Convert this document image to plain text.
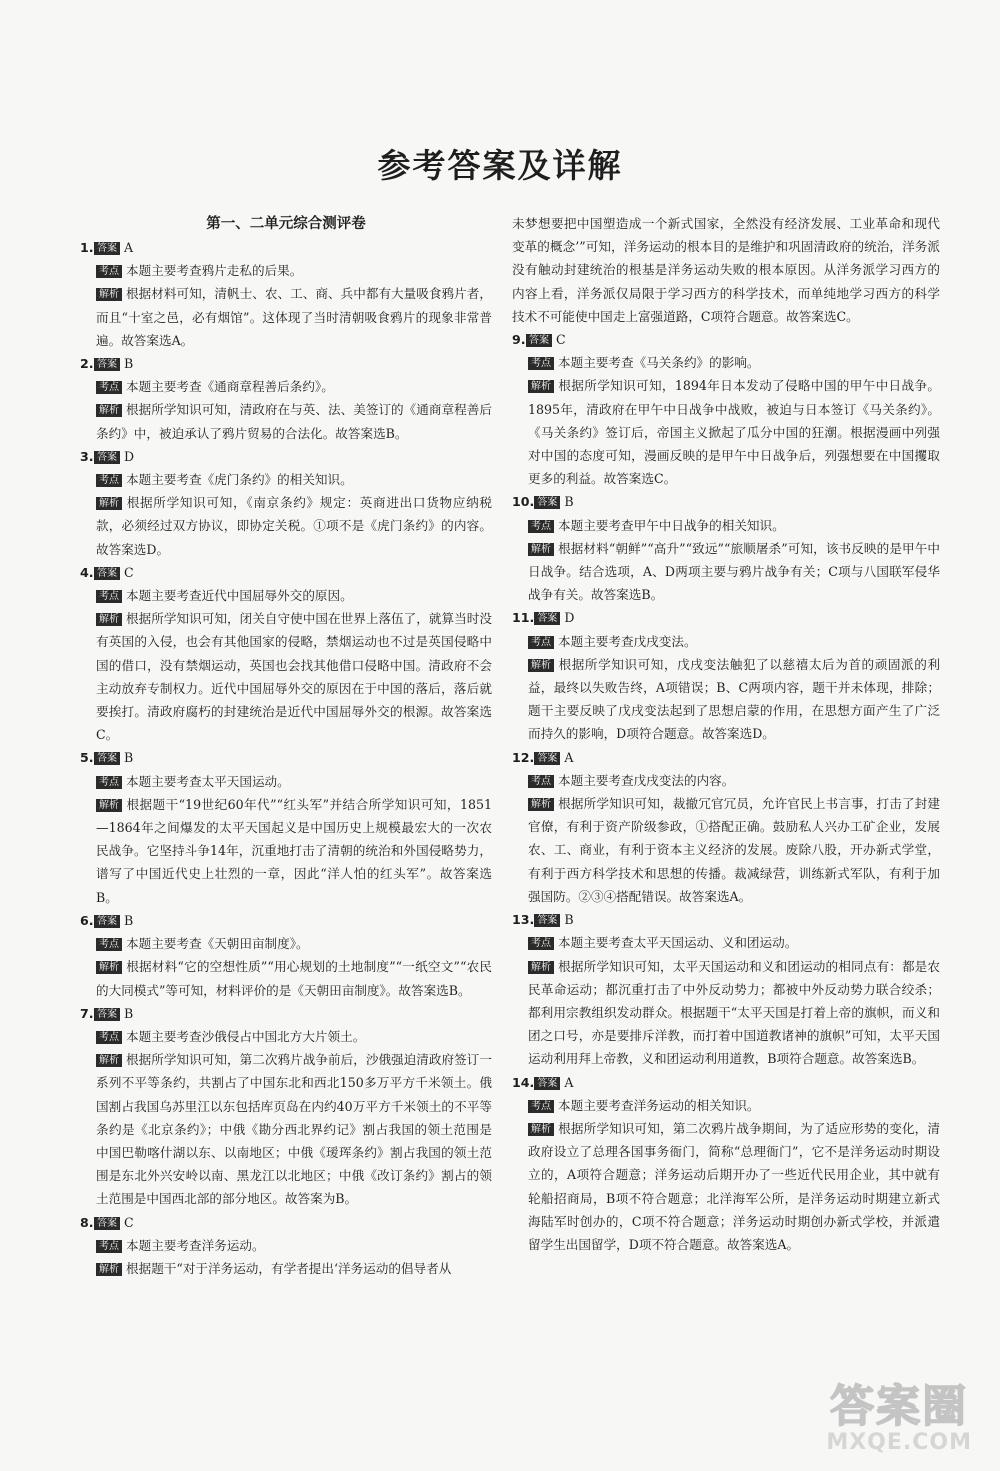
参考答案及详解
第一、二单元综合测评卷
1. 答案 A
考点 本题主要考查鸦片走私的后果。
解析 根据材料可知，清帆士、农、工、商、兵中都有大量吸食鸦片者，而且“十室之邑，必有烟馆”。这体现了当时清朝吸食鸦片的现象非常普遍。故答案选A。
2. 答案 B
考点 本题主要考查《通商章程善后条约》。
解析 根据所学知识可知，清政府在与英、法、美签订的《通商章程善后条约》中，被迫承认了鸦片贸易的合法化。故答案选B。
3. 答案 D
考点 本题主要考查《虎门条约》的相关知识。
解析 根据所学知识可知，《南京条约》规定：英商进出口货物应纳税款，必须经过双方协议，即协定关税。①项不是《虎门条约》的内容。故答案选D。
4. 答案 C
考点 本题主要考查近代中国屈辱外交的原因。
解析 根据所学知识可知，闭关自守使中国在世界上落伍了，就算当时没有英国的入侵，也会有其他国家的侵略，禁烟运动也不过是英国侵略中国的借口，没有禁烟运动，英国也会找其他借口侵略中国。清政府不会主动放弃专制权力。近代中国屈辱外交的原因在于中国的落后，落后就要挨打。清政府腐朽的封建统治是近代中国屈辱外交的根源。故答案选C。
5. 答案 B
考点 本题主要考查太平天国运动。
解析 根据题干“19世纪60年代”“红头军”并结合所学知识可知，1851—1864年之间爆发的太平天国起义是中国历史上规模最宏大的一次农民战争。它坚持斗争14年，沉重地打击了清朝的统治和外国侵略势力，谱写了中国近代史上壮烈的一章，因此“洋人怕的红头军”。故答案选B。
6. 答案 B
考点 本题主要考查《天朝田亩制度》。
解析 根据材料“它的空想性质”“用心规划的土地制度”“一纸空文”“农民的大同模式”等可知，材料评价的是《天朝田亩制度》。故答案选B。
7. 答案 B
考点 本题主要考查沙俄侵占中国北方大片领土。
解析 根据所学知识可知，第二次鸦片战争前后，沙俄强迫清政府签订一系列不平等条约，共割占了中国东北和西北150多万平方千米领土。俄国割占我国乌苏里江以东包括库页岛在内约40万平方千米领土的不平等条约是《北京条约》；中俄《勘分西北界约记》割占我国的领土范围是中国巴勒喀什湖以东、以南地区；中俄《瑷珲条约》割占我国的领土范围是东北外兴安岭以南、黑龙江以北地区；中俄《改订条约》割占的领土范围是中国西北部的部分地区。故答案为B。
8. 答案 C
考点 本题主要考查洋务运动。
解析 根据题干“对于洋务运动，有学者提出‘洋务运动的倡导者从
未梦想要把中国塑造成一个新式国家，全然没有经济发展、工业革命和现代变革的概念’”可知，洋务运动的根本目的是维护和巩固清政府的统治，洋务派没有触动封建统治的根基是洋务运动失败的根本原因。从洋务派学习西方的内容上看，洋务派仅局限于学习西方的科学技术，而单纯地学习西方的科学技术不可能使中国走上富强道路，C项符合题意。故答案选C。
9. 答案 C
考点 本题主要考查《马关条约》的影响。
解析 根据所学知识可知，1894年日本发动了侵略中国的甲午中日战争。1895年，清政府在甲午中日战争中战败，被迫与日本签订《马关条约》。《马关条约》签订后，帝国主义掀起了瓜分中国的狂潮。根据漫画中列强对中国的态度可知，漫画反映的是甲午中日战争后，列强想要在中国攫取更多的利益。故答案选C。
10. 答案 B
考点 本题主要考查甲午中日战争的相关知识。
解析 根据材料“朝鲜”“高升”“致远”“旅顺屠杀”可知，该书反映的是甲午中日战争。结合选项，A、D两项主要与鸦片战争有关；C项与八国联军侵华战争有关。故答案选B。
11. 答案 D
考点 本题主要考查戊戌变法。
解析 根据所学知识可知，戊戌变法触犯了以慈禧太后为首的顽固派的利益，最终以失败告终，A项错误；B、C两项内容，题干并未体现，排除；题干主要反映了戊戌变法起到了思想启蒙的作用，在思想方面产生了广泛而持久的影响，D项符合题意。故答案选D。
12. 答案 A
考点 本题主要考查戊戌变法的内容。
解析 根据所学知识可知，裁撤冗官冗员，允许官民上书言事，打击了封建官僚，有利于资产阶级参政，①搭配正确。鼓励私人兴办工矿企业，发展农、工、商业，有利于资本主义经济的发展。废除八股，开办新式学堂，有利于西方科学技术和思想的传播。裁减绿营，训练新式军队，有利于加强国防。②③④搭配错误。故答案选A。
13. 答案 B
考点 本题主要考查太平天国运动、义和团运动。
解析 根据所学知识可知，太平天国运动和义和团运动的相同点有：都是农民革命运动；都沉重打击了中外反动势力；都被中外反动势力联合绞杀；都利用宗教组织发动群众。根据题干“太平天国是打着上帝的旗帜，而义和团之口号，亦是要排斥洋教，而打着中国道教诸神的旗帜”可知，太平天国运动利用拜上帝教，义和团运动利用道教，B项符合题意。故答案选B。
14. 答案 A
考点 本题主要考查洋务运动的相关知识。
解析 根据所学知识可知，第二次鸦片战争期间，为了适应形势的变化，清政府设立了总理各国事务衙门，简称“总理衙门”，它不是洋务运动时期设立的，A项符合题意；洋务运动后期开办了一些近代民用企业，其中就有轮船招商局，B项不符合题意；北洋海军公所，是洋务运动时期建立新式海陆军时创办的，C项不符合题意；洋务运动时期创办新式学校，并派遣留学生出国留学，D项不符合题意。故答案选A。
答案圈
MXQE.COM
